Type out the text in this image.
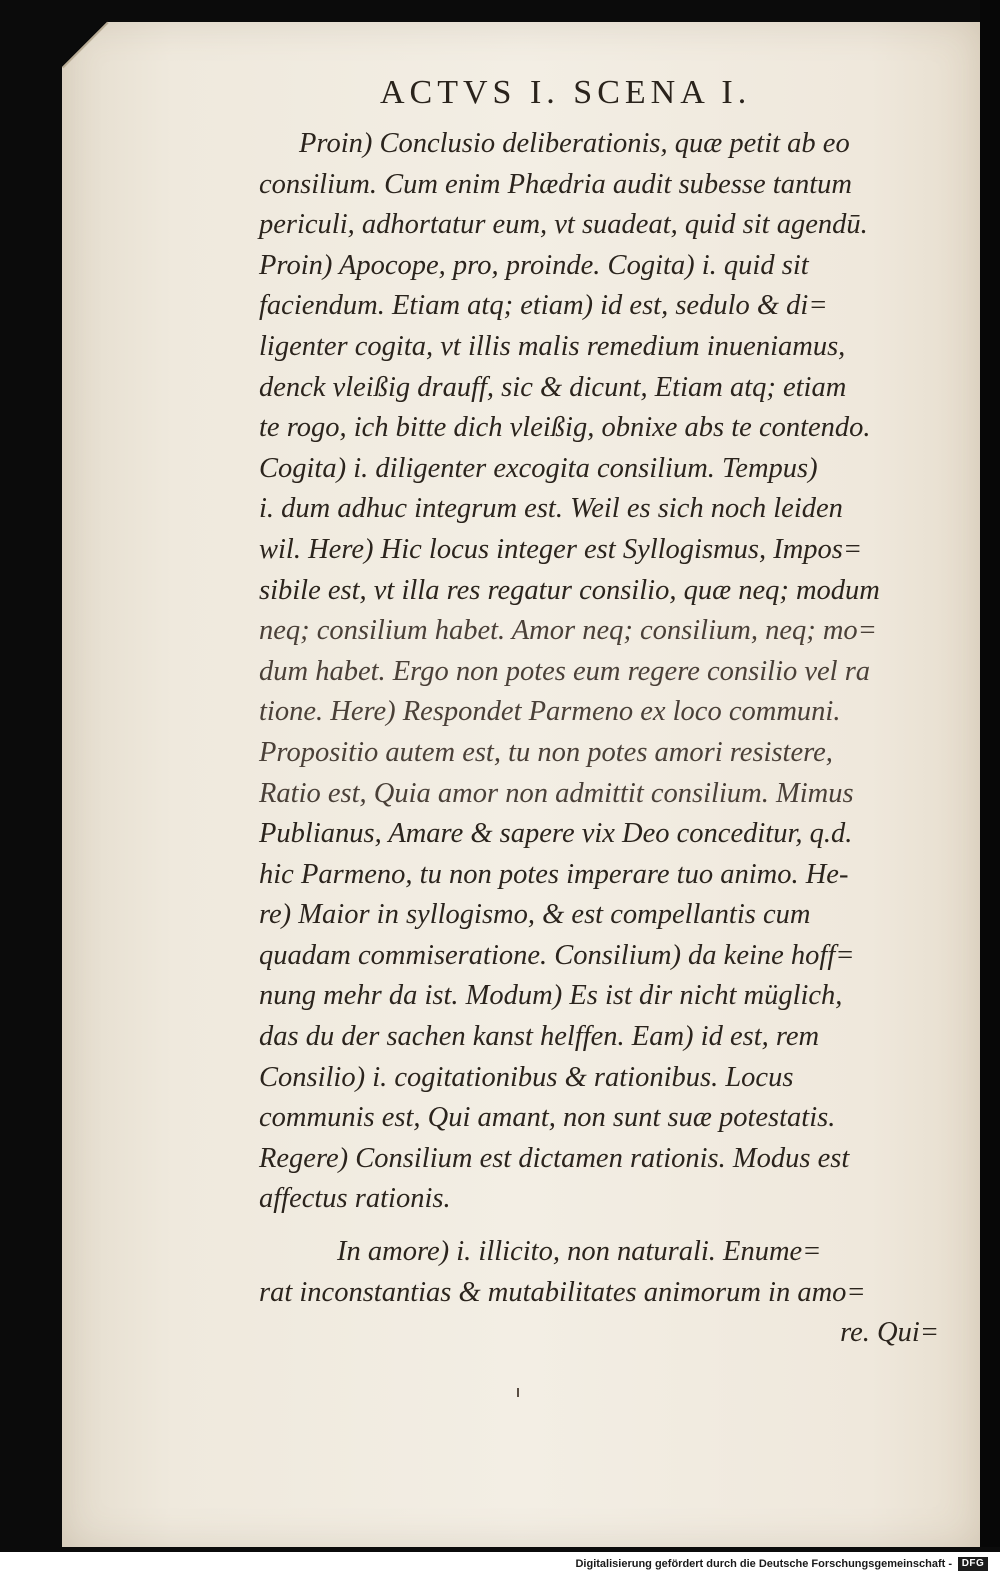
ACTVS I. SCENA I.
Proin) Conclusio deliberationis, quæ petit ab eo
consilium. Cum enim Phædria audit subesse tantum
periculi, adhortatur eum, vt suadeat, quid sit agendū.
Proin) Apocope, pro, proinde. Cogita) i. quid sit
faciendum. Etiam atq; etiam) id est, sedulo & di=
ligenter cogita, vt illis malis remedium inueniamus,
denck vleißig drauff, sic & dicunt, Etiam atq; etiam
te rogo, ich bitte dich vleißig, obnixe abs te contendo.
Cogita) i. diligenter excogita consilium. Tempus)
i. dum adhuc integrum est. Weil es sich noch leiden
wil. Here) Hic locus integer est Syllogismus, Impos=
sibile est, vt illa res regatur consilio, quæ neq; modum
neq; consilium habet. Amor neq; consilium, neq; mo=
dum habet. Ergo non potes eum regere consilio vel ra
tione. Here) Respondet Parmeno ex loco communi.
Propositio autem est, tu non potes amori resistere,
Ratio est, Quia amor non admittit consilium. Mimus
Publianus, Amare & sapere vix Deo conceditur, q.d.
hic Parmeno, tu non potes imperare tuo animo. He-
re) Maior in syllogismo, & est compellantis cum
quadam commiseratione. Consilium) da keine hoff=
nung mehr da ist. Modum) Es ist dir nicht müglich,
das du der sachen kanst helffen. Eam) id est, rem
Consilio) i. cogitationibus & rationibus. Locus
communis est, Qui amant, non sunt suæ potestatis.
Regere) Consilium est dictamen rationis. Modus est
affectus rationis.
In amore) i. illicito, non naturali. Enume=
rat inconstantias & mutabilitates animorum in amo=
re. Qui=
Digitalisierung gefördert durch die Deutsche Forschungsgemeinschaft - DFG
